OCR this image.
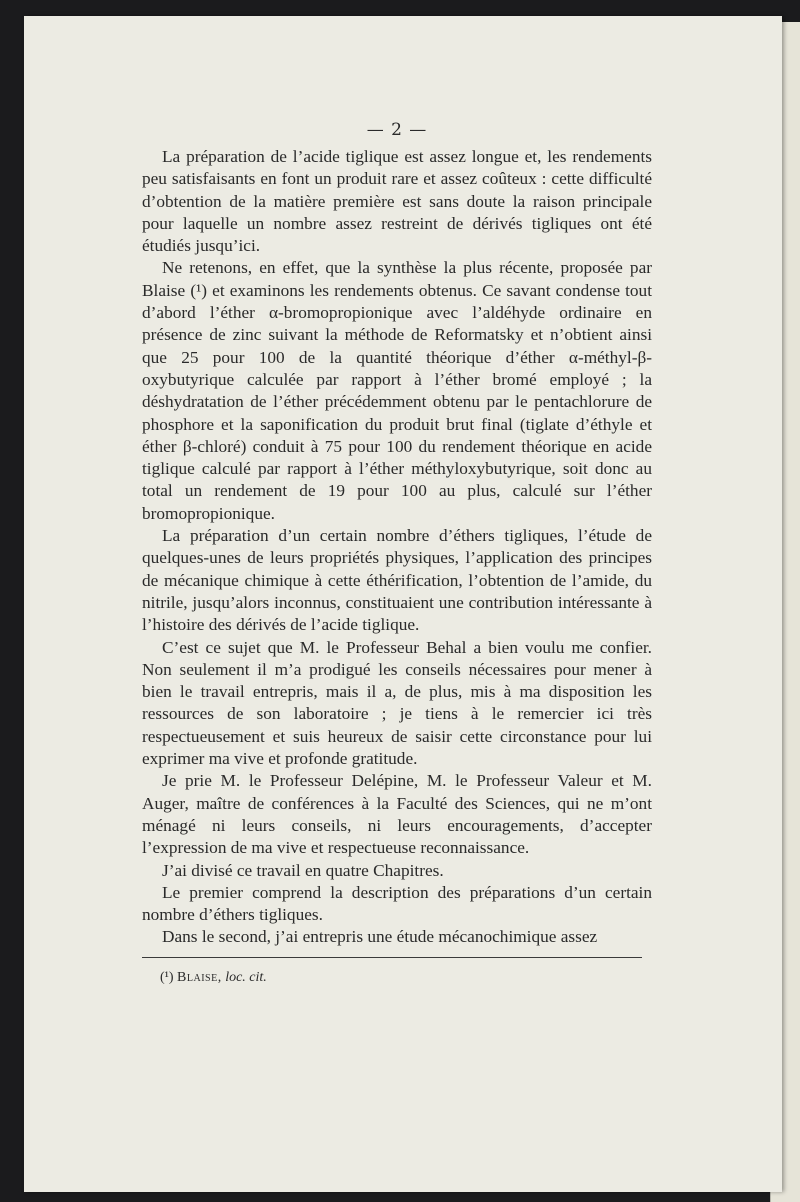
— 2 —

La préparation de l’acide tiglique est assez longue et, les rendements peu satisfaisants en font un produit rare et assez coûteux : cette difficulté d’obtention de la matière première est sans doute la raison principale pour laquelle un nombre assez restreint de dérivés tigliques ont été étudiés jusqu’ici.

Ne retenons, en effet, que la synthèse la plus récente, proposée par Blaise (¹) et examinons les rendements obtenus. Ce savant condense tout d’abord l’éther α-bromopropionique avec l’aldéhyde ordinaire en présence de zinc suivant la méthode de Reformatsky et n’obtient ainsi que 25 pour 100 de la quantité théorique d’éther α-méthyl-β-oxybutyrique calculée par rapport à l’éther bromé employé ; la déshydratation de l’éther précédemment obtenu par le pentachlorure de phosphore et la saponification du produit brut final (tiglate d’éthyle et éther β-chloré) conduit à 75 pour 100 du rendement théorique en acide tiglique calculé par rapport à l’éther méthyloxybutyrique, soit donc au total un rendement de 19 pour 100 au plus, calculé sur l’éther bromopropionique.

La préparation d’un certain nombre d’éthers tigliques, l’étude de quelques-unes de leurs propriétés physiques, l’application des principes de mécanique chimique à cette éthérification, l’obtention de l’amide, du nitrile, jusqu’alors inconnus, constituaient une contribution intéressante à l’histoire des dérivés de l’acide tiglique.

C’est ce sujet que M. le Professeur Behal a bien voulu me confier. Non seulement il m’a prodigué les conseils nécessaires pour mener à bien le travail entrepris, mais il a, de plus, mis à ma disposition les ressources de son laboratoire ; je tiens à le remercier ici très respectueusement et suis heureux de saisir cette circonstance pour lui exprimer ma vive et profonde gratitude.

Je prie M. le Professeur Delépine, M. le Professeur Valeur et M. Auger, maître de conférences à la Faculté des Sciences, qui ne m’ont ménagé ni leurs conseils, ni leurs encouragements, d’accepter l’expression de ma vive et respectueuse reconnaissance.

J’ai divisé ce travail en quatre Chapitres.

Le premier comprend la description des préparations d’un certain nombre d’éthers tigliques.

Dans le second, j’ai entrepris une étude mécanochimique assez

(¹) Blaise, loc. cit.
